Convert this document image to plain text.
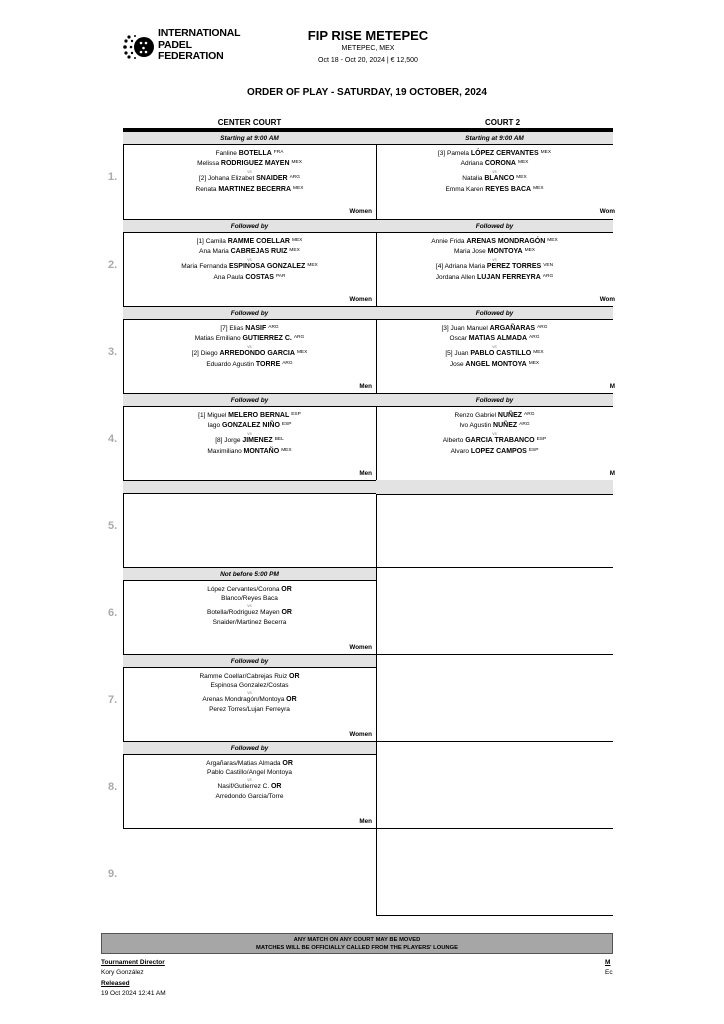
INTERNATIONAL
PADEL
FEDERATION
FIP RISE METEPEC
METEPEC, MEX
Oct 18 - Oct 20, 2024 | € 12,500
ORDER OF PLAY - SATURDAY, 19 OCTOBER, 2024
CENTER COURT	COURT 2
1.
2.
3.
4.
5.
6.
7.
8.
9.
Starting at 9:00 AM
Fanline BOTELLA $^{FRA}$
Melissa RODRIGUEZ MAYEN $^{MEX}$
vs
[2] Johana Elizabet SNAIDER $^{ARG}$
Renata MARTINEZ BECERRA $^{MEX}$
Women
Followed by
[1] Camila RAMME COELLAR $^{MEX}$
Ana Maria CABREJAS RUIZ $^{MEX}$
vs
Maria Fernanda ESPINOSA GONZALEZ $^{MEX}$
Ana Paula COSTAS $^{PAR}$
Women
Followed by
[7] Elias NASIF $^{ARG}$
Matias Emiliano GUTIERREZ C. $^{ARG}$
vs
[2] Diego ARREDONDO GARCIA $^{MEX}$
Eduardo Agustin TORRE $^{ARG}$
Men
Followed by
[1] Miguel MELERO BERNAL $^{ESP}$
Iago GONZALEZ NIÑO $^{ESP}$
vs
[8] Jorge JIMENEZ $^{BEL}$
Maximiliano MONTAÑO $^{MEX}$
Men
Not before 5:00 PM
López Cervantes/Corona OR
Blanco/Reyes Baca
vs
Botella/Rodriguez Mayen OR
Snaider/Martinez Becerra
Women
Followed by
Ramme Coellar/Cabrejas Ruiz OR
Espinosa Gonzalez/Costas
vs
Arenas Mondragón/Montoya OR
Perez Torres/Lujan Ferreyra
Women
Followed by
Argañaras/Matias Almada OR
Pablo Castillo/Angel Montoya
vs
Nasif/Gutierrez C. OR
Arredondo Garcia/Torre
Men
Starting at 9:00 AM
[3] Pamela LÓPEZ CERVANTES $^{MEX}$
Adriana CORONA $^{MEX}$
vs
Natalia BLANCO $^{MEX}$
Emma Karen REYES BACA $^{MEX}$
Wom
Followed by
Annie Frida ARENAS MONDRAGÓN $^{MEX}$
Maria Jose MONTOYA $^{MEX}$
vs
[4] Adriana Maria PEREZ TORRES $^{VEN}$
Jordana Allen LUJAN FERREYRA $^{ARG}$
Wom
Followed by
[3] Juan Manuel ARGAÑARAS $^{ARG}$
Oscar MATIAS ALMADA $^{ARG}$
vs
[5] Juan PABLO CASTILLO $^{MEX}$
Jose ANGEL MONTOYA $^{MEX}$
M
Followed by
Renzo Gabriel NUÑEZ $^{ARG}$
Ivo Agustin NUÑEZ $^{ARG}$
vs
Alberto GARCIA TRABANCO $^{ESP}$
Alvaro LOPEZ CAMPOS $^{ESP}$
M
ANY MATCH ON ANY COURT MAY BE MOVED
MATCHES WILL BE OFFICIALLY CALLED FROM THE PLAYERS' LOUNGE
Tournament Director
Kory González
Released
19 Oct 2024 12:41 AM
M
Ec
